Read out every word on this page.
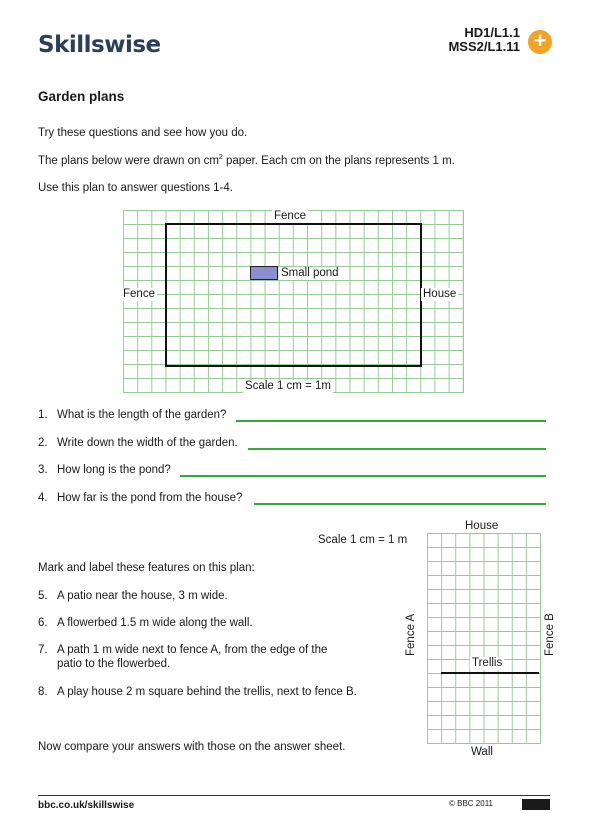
Skillswise	HD1/L1.1
MSS2/L1.11 +
Garden plans
Try these questions and see how you do.
The plans below were drawn on $cm^2$ paper. Each cm on the plans represents 1 m.
Use this plan to answer questions 1-4.
Fence
Fence	House
Small pond
Scale 1 cm = 1m
1. What is the length of the garden?
2. Write down the width of the garden.
3. How long is the pond?
4. How far is the pond from the house?
Scale 1 cm = 1 m
House
Fence A	Fence B
Trellis
Wall
Mark and label these features on this plan:
5. A patio near the house, 3 m wide.
6. A flowerbed 1.5 m wide along the wall.
7. A path 1 m wide next to fence A, from the edge of the
patio to the flowerbed.
8. A play house 2 m square behind the trellis, next to fence B.
Now compare your answers with those on the answer sheet.
bbc.co.uk/skillswise	© BBC 2011
